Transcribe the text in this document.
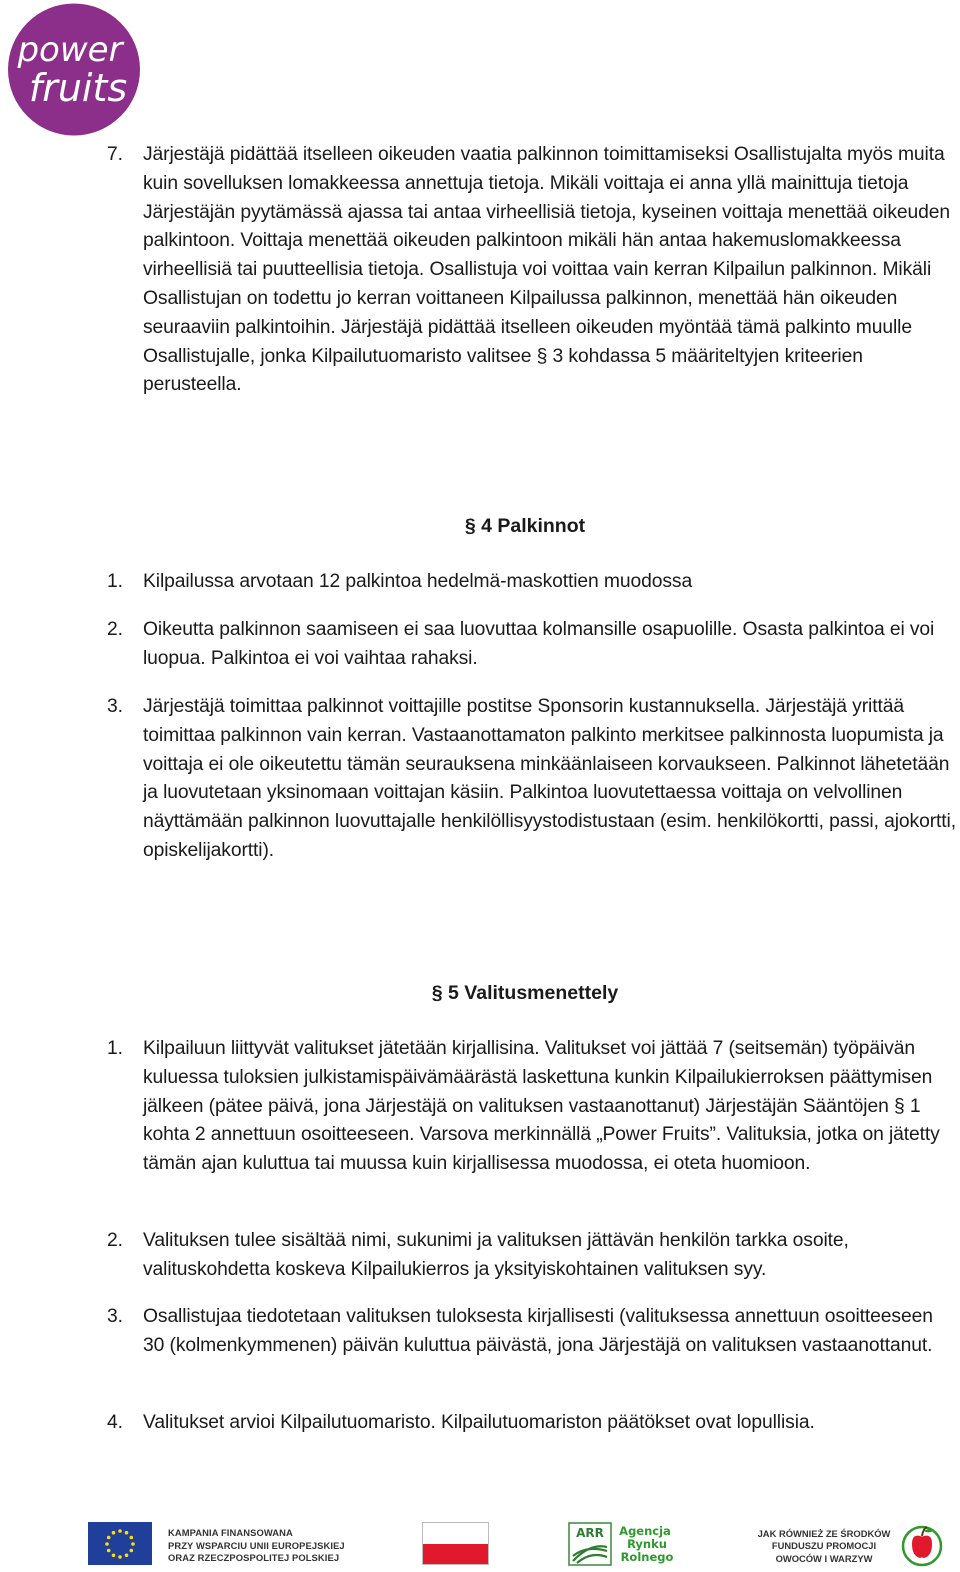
power
fruits
7.	Järjestäjä pidättää itselleen oikeuden vaatia palkinnon toimittamiseksi Osallistujalta myös muita kuin sovelluksen lomakkeessa annettuja tietoja. Mikäli voittaja ei anna yllä mainittuja tietoja Järjestäjän pyytämässä ajassa tai antaa virheellisiä tietoja, kyseinen voittaja menettää oikeuden palkintoon. Voittaja menettää oikeuden palkintoon mikäli hän antaa hakemuslomakkeessa virheellisiä tai puutteellisia tietoja. Osallistuja voi voittaa vain kerran Kilpailun palkinnon. Mikäli Osallistujan on todettu jo kerran voittaneen Kilpailussa palkinnon, menettää hän oikeuden seuraaviin palkintoihin. Järjestäjä pidättää itselleen oikeuden myöntää tämä palkinto muulle Osallistujalle, jonka Kilpailutuomaristo valitsee § 3 kohdassa 5 määriteltyjen kriteerien perusteella.
§ 4 Palkinnot
1.	Kilpailussa arvotaan 12 palkintoa hedelmä-maskottien muodossa
2.	Oikeutta palkinnon saamiseen ei saa luovuttaa kolmansille osapuolille. Osasta palkintoa ei voi luopua. Palkintoa ei voi vaihtaa rahaksi.
3.	Järjestäjä toimittaa palkinnot voittajille postitse Sponsorin kustannuksella. Järjestäjä yrittää toimittaa palkinnon vain kerran. Vastaanottamaton palkinto merkitsee palkinnosta luopumista ja voittaja ei ole oikeutettu tämän seurauksena minkäänlaiseen korvaukseen. Palkinnot lähetetään ja luovutetaan yksinomaan voittajan käsiin. Palkintoa luovutettaessa voittaja on velvollinen näyttämään palkinnon luovuttajalle henkilöllisyystodistustaan (esim. henkilökortti, passi, ajokortti, opiskelijakortti).
§ 5 Valitusmenettely
1.	Kilpailuun liittyvät valitukset jätetään kirjallisina. Valitukset voi jättää 7 (seitsemän) työpäivän kuluessa tuloksien julkistamispäivämäärästä laskettuna kunkin Kilpailukierroksen päättymisen jälkeen (pätee päivä, jona Järjestäjä on valituksen vastaanottanut) Järjestäjän Sääntöjen § 1 kohta 2 annettuun osoitteeseen. Varsova merkinnällä „Power Fruits”. Valituksia, jotka on jätetty tämän ajan kuluttua tai muussa kuin kirjallisessa muodossa, ei oteta huomioon.
2.	Valituksen tulee sisältää nimi, sukunimi ja valituksen jättävän henkilön tarkka osoite, valituskohdetta koskeva Kilpailukierros ja yksityiskohtainen valituksen syy.
3.	Osallistujaa tiedotetaan valituksen tuloksesta kirjallisesti (valituksessa annettuun osoitteeseen 30 (kolmenkymmenen) päivän kuluttua päivästä, jona Järjestäjä on valituksen vastaanottanut.
4.	Valitukset arvioi Kilpailutuomaristo. Kilpailutuomariston päätökset ovat lopullisia.
KAMPANIA FINANSOWANA
PRZY WSPARCIU UNII EUROPEJSKIEJ
ORAZ RZECZPOSPOLITEJ POLSKIEJ
ARR Agencja
Rynku
Rolnego
JAK RÓWNIEŻ ZE ŚRODKÓW
FUNDUSZU PROMOCJI
OWOCÓW I WARZYW
